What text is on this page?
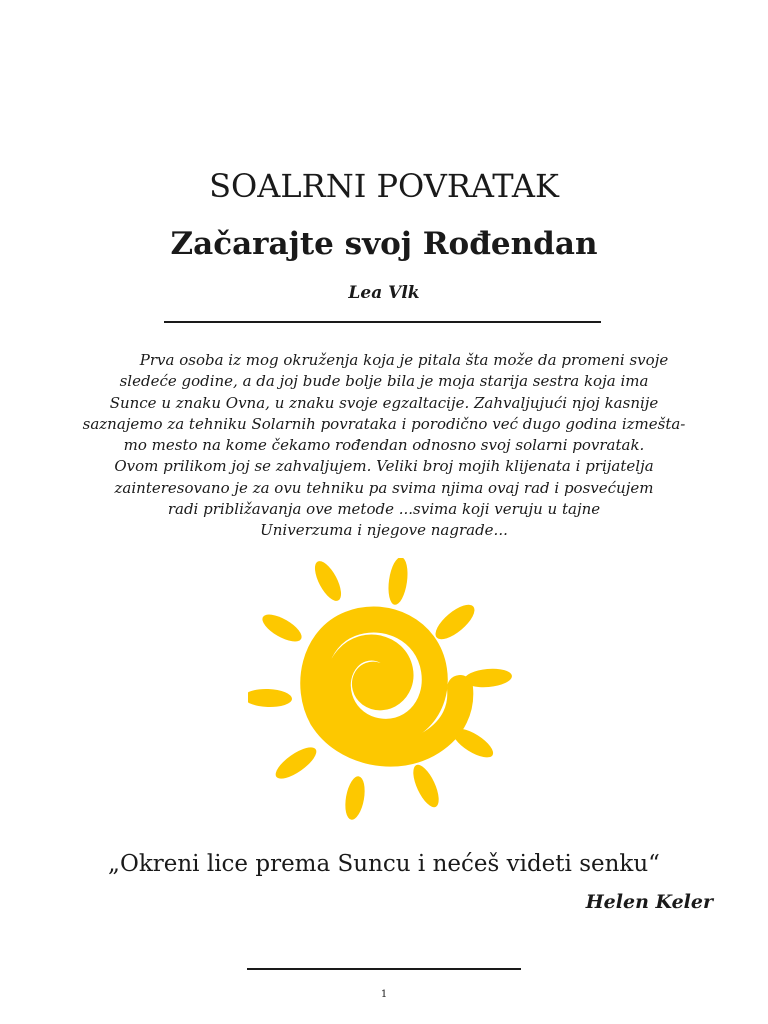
SOALRNI POVRATAK
Začarajte svoj Rođendan
Lea Vlk

Prva osoba iz mog okruženja koja je pitala šta može da promeni svoje
sledeće godine, a da joj bude bolje bila je moja starija sestra koja ima
Sunce u znaku Ovna, u znaku svoje egzaltacije. Zahvaljujući njoj kasnije
saznajemo za tehniku Solarnih povrataka i porodično već dugo godina izmešta-
mo mesto na kome čekamo rođendan odnosno svoj solarni povratak.
Ovom prilikom joj se zahvaljujem. Veliki broj mojih klijenata i prijatelja
zainteresovano je za ovu tehniku pa svima njima ovaj rad i posvećujem
radi približavanja ove metode ...svima koji veruju u tajne
Univerzuma i njegove nagrade...

„Okreni lice prema Suncu i nećeš videti senku“

Helen Keler
1
